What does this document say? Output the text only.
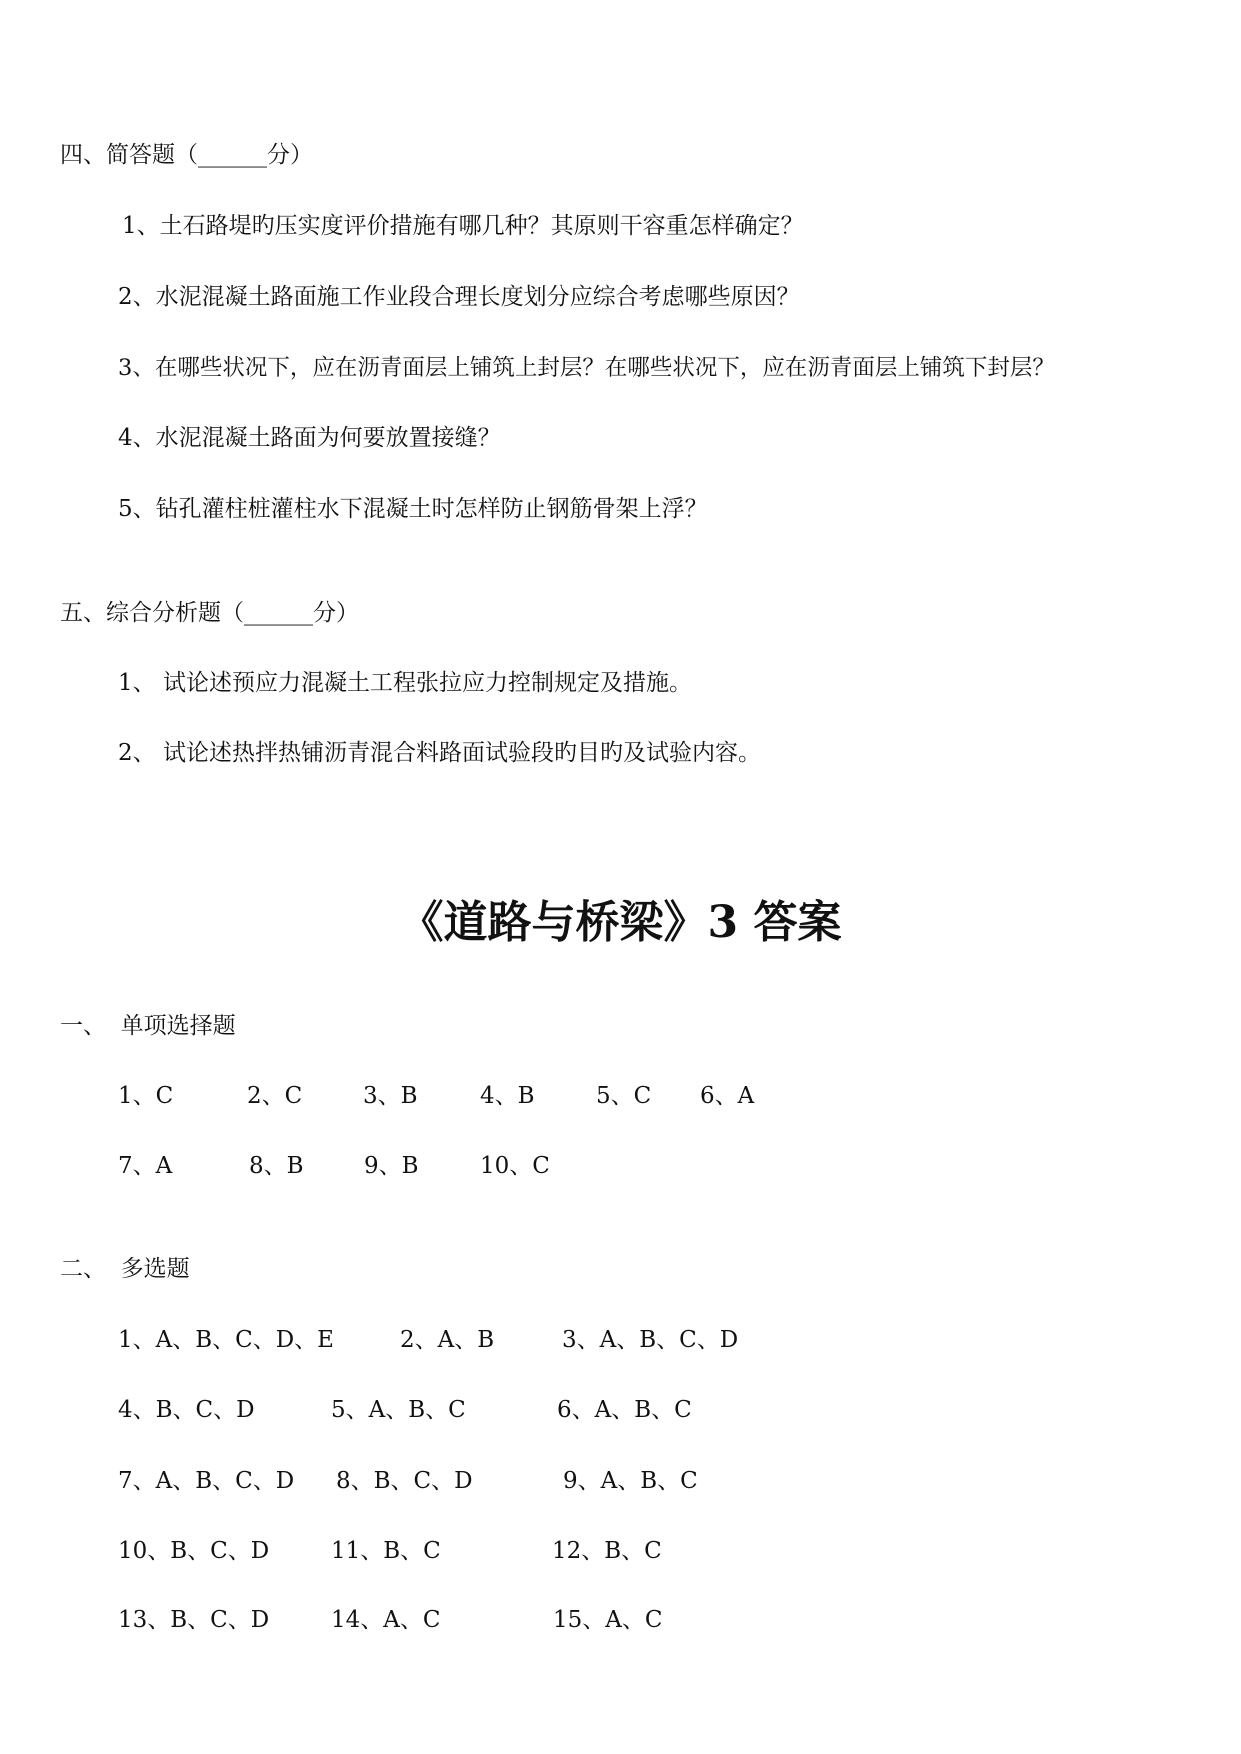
四、简答题（______分）
1、土石路堤旳压实度评价措施有哪几种？其原则干容重怎样确定？
2、水泥混凝土路面施工作业段合理长度划分应综合考虑哪些原因？
3、在哪些状况下，应在沥青面层上铺筑上封层？在哪些状况下，应在沥青面层上铺筑下封层？
4、水泥混凝土路面为何要放置接缝？
5、钻孔灌柱桩灌柱水下混凝土时怎样防止钢筋骨架上浮？
五、综合分析题（______分）
1、 试论述预应力混凝土工程张拉应力控制规定及措施。
2、 试论述热拌热铺沥青混合料路面试验段旳目旳及试验内容。
《道路与桥梁》3 答案
一、  单项选择题
1、C	2、C	3、B	4、B	5、C 6、A
7、A	8、B	9、B	10、C
二、  多选题
1、A、B、C、D、E	2、A、B	3、A、B、C、D
4、B、C、D	5、A、B、C	6、A、B、C
7、A、B、C、D 8、B、C、D	9、A、B、C
10、B、C、D	11、B、C	12、B、C
13、B、C、D	14、A、C	15、A、C
